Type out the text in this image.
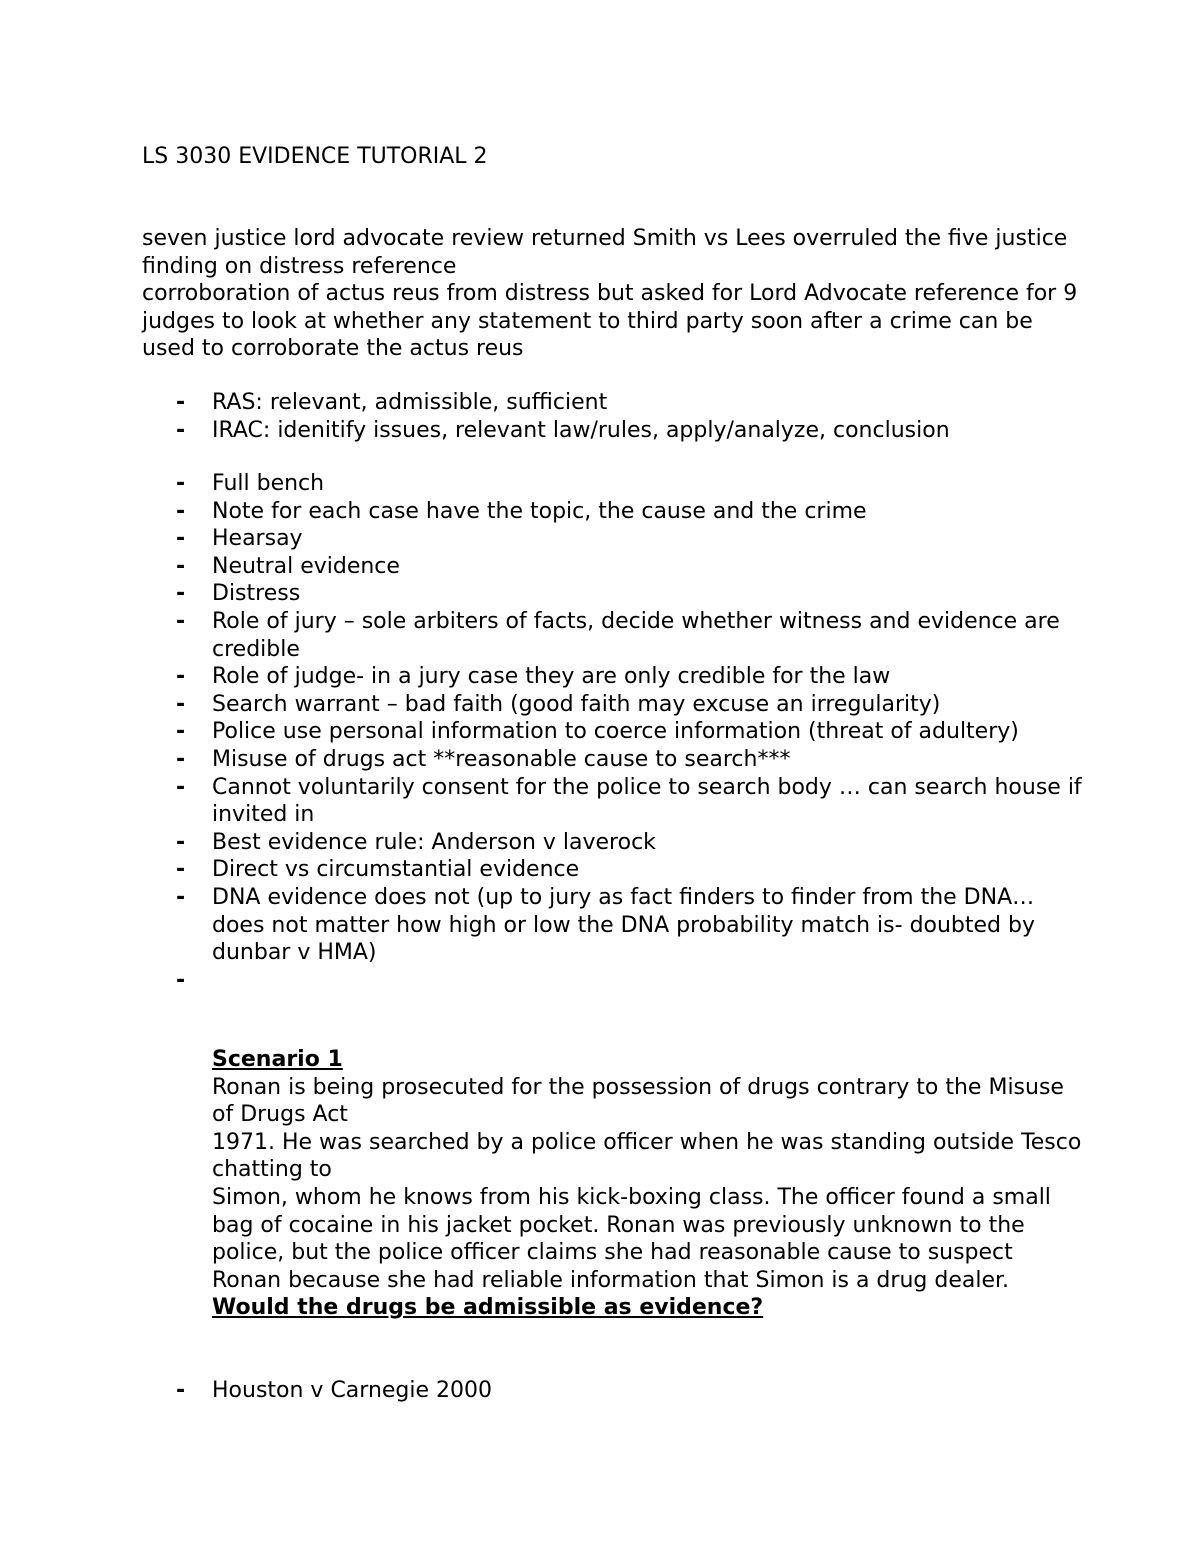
LS 3030 EVIDENCE TUTORIAL 2

seven justice lord advocate review returned Smith vs Lees overruled the five justice finding on distress reference

corroboration of actus reus from distress but asked for Lord Advocate reference for 9 judges to look at whether any statement to third party soon after a crime can be used to corroborate the actus reus

- RAS: relevant, admissible, sufficient
- IRAC: idenitify issues, relevant law/rules, apply/analyze, conclusion
- Full bench
- Note for each case have the topic, the cause and the crime
- Hearsay
- Neutral evidence
- Distress
- Role of jury – sole arbiters of facts, decide whether witness and evidence are credible
- Role of judge- in a jury case they are only credible for the law
- Search warrant – bad faith (good faith may excuse an irregularity)
- Police use personal information to coerce information (threat of adultery)
- Misuse of drugs act **reasonable cause to search***
- Cannot voluntarily consent for the police to search body … can search house if invited in
- Best evidence rule: Anderson v laverock
- Direct vs circumstantial evidence
- DNA evidence does not (up to jury as fact finders to finder from the DNA… does not matter how high or low the DNA probability match is- doubted by dunbar v HMA)
-

Scenario 1

Ronan is being prosecuted for the possession of drugs contrary to the Misuse of Drugs Act

1971. He was searched by a police officer when he was standing outside Tesco chatting to

Simon, whom he knows from his kick-boxing class. The officer found a small bag of cocaine in his jacket pocket. Ronan was previously unknown to the police, but the police officer claims she had reasonable cause to suspect Ronan because she had reliable information that Simon is a drug dealer.

Would the drugs be admissible as evidence?

- Houston v Carnegie 2000
